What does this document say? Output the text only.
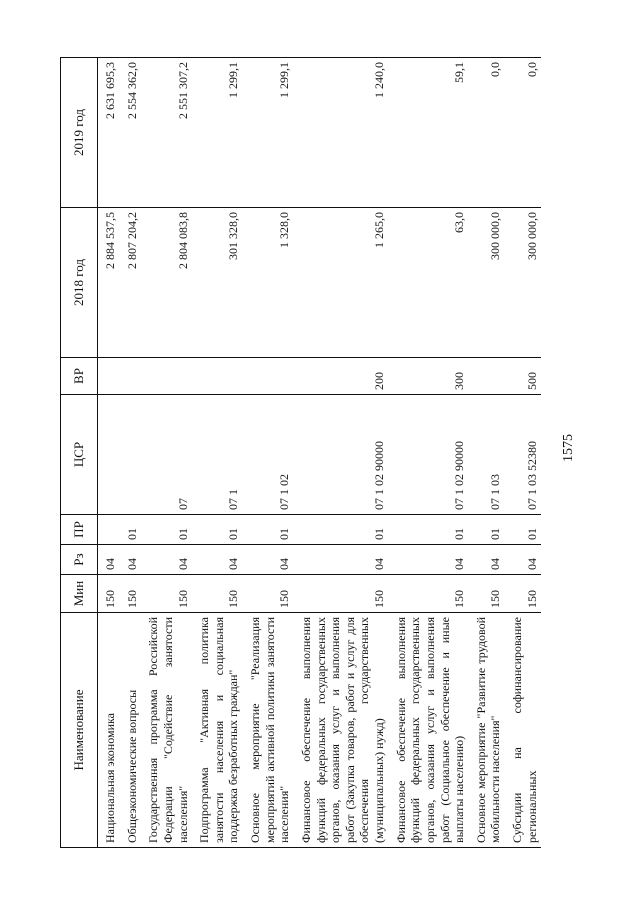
1575
Наименование	Мин	Рз	ПР	ЦСР	ВР	2018 год	2019 год
Национальная экономика	150	04				2 884 537,5	2 631 695,3
Общеэкономические вопросы	150	04	01			2 807 204,2	2 554 362,0
Государственная программа Российской Федерации "Содействие занятости населения"	150	04	01	07		2 804 083,8	2 551 307,2
Подпрограмма "Активная политика занятости населения и социальная поддержка безработных граждан"	150	04	01	07 1		301 328,0	1 299,1
Основное мероприятие "Реализация мероприятий активной политики занятости населения"	150	04	01	07 1 02		1 328,0	1 299,1
Финансовое обеспечение выполнения функций федеральных государственных органов, оказания услуг и выполнения работ (Закупка товаров, работ и услуг для обеспечения государственных (муниципальных) нужд)	150	04	01	07 1 02 90000	200	1 265,0	1 240,0
Финансовое обеспечение выполнения функций федеральных государственных органов, оказания услуг и выполнения работ (Социальное обеспечение и иные выплаты населению)	150	04	01	07 1 02 90000	300	63,0	59,1
Основное мероприятие "Развитие трудовой мобильности населения"	150	04	01	07 1 03		300 000,0	0,0
Субсидии на софинансирование региональных	150	04	01	07 1 03 52380	500	300 000,0	0,0
